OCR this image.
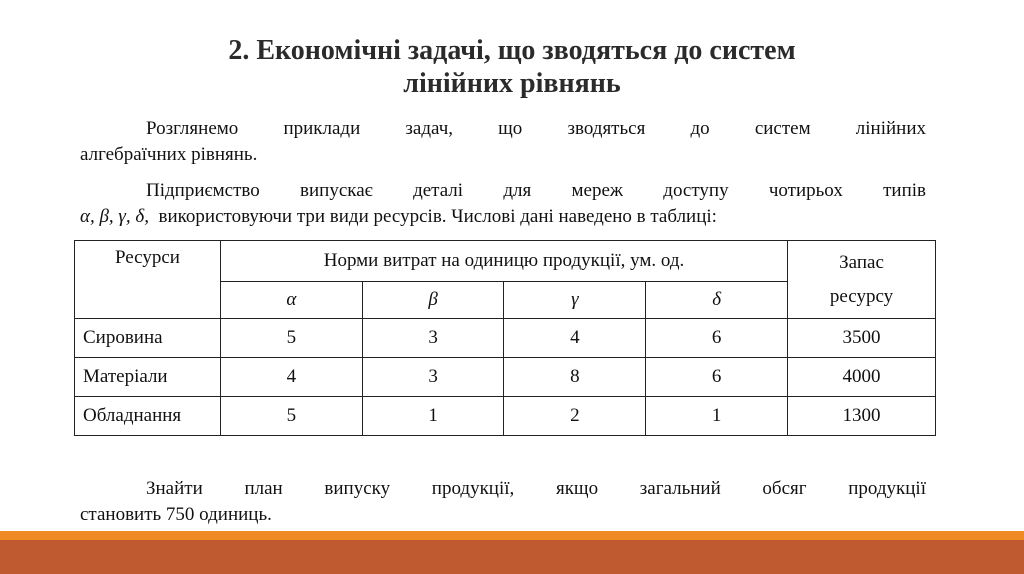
2. Економічні задачі, що зводяться до систем
лінійних рівнянь
Розглянемо приклади задач, що зводяться до систем лінійних
алгебраїчних рівнянь.
Підприємство випускає деталі для мереж доступу чотирьох типів
α, β, γ, δ, використовуючи три види ресурсів. Числові дані наведено в таблиці:
Ресурси	Норми витрат на одиницю продукції, ум. од.				Запас ресурсу
	α	β	γ	δ	
Сировина	5	3	4	6	3500
Матеріали	4	3	8	6	4000
Обладнання	5	1	2	1	1300
Знайти план випуску продукції, якщо загальний обсяг продукції
становить 750 одиниць.
